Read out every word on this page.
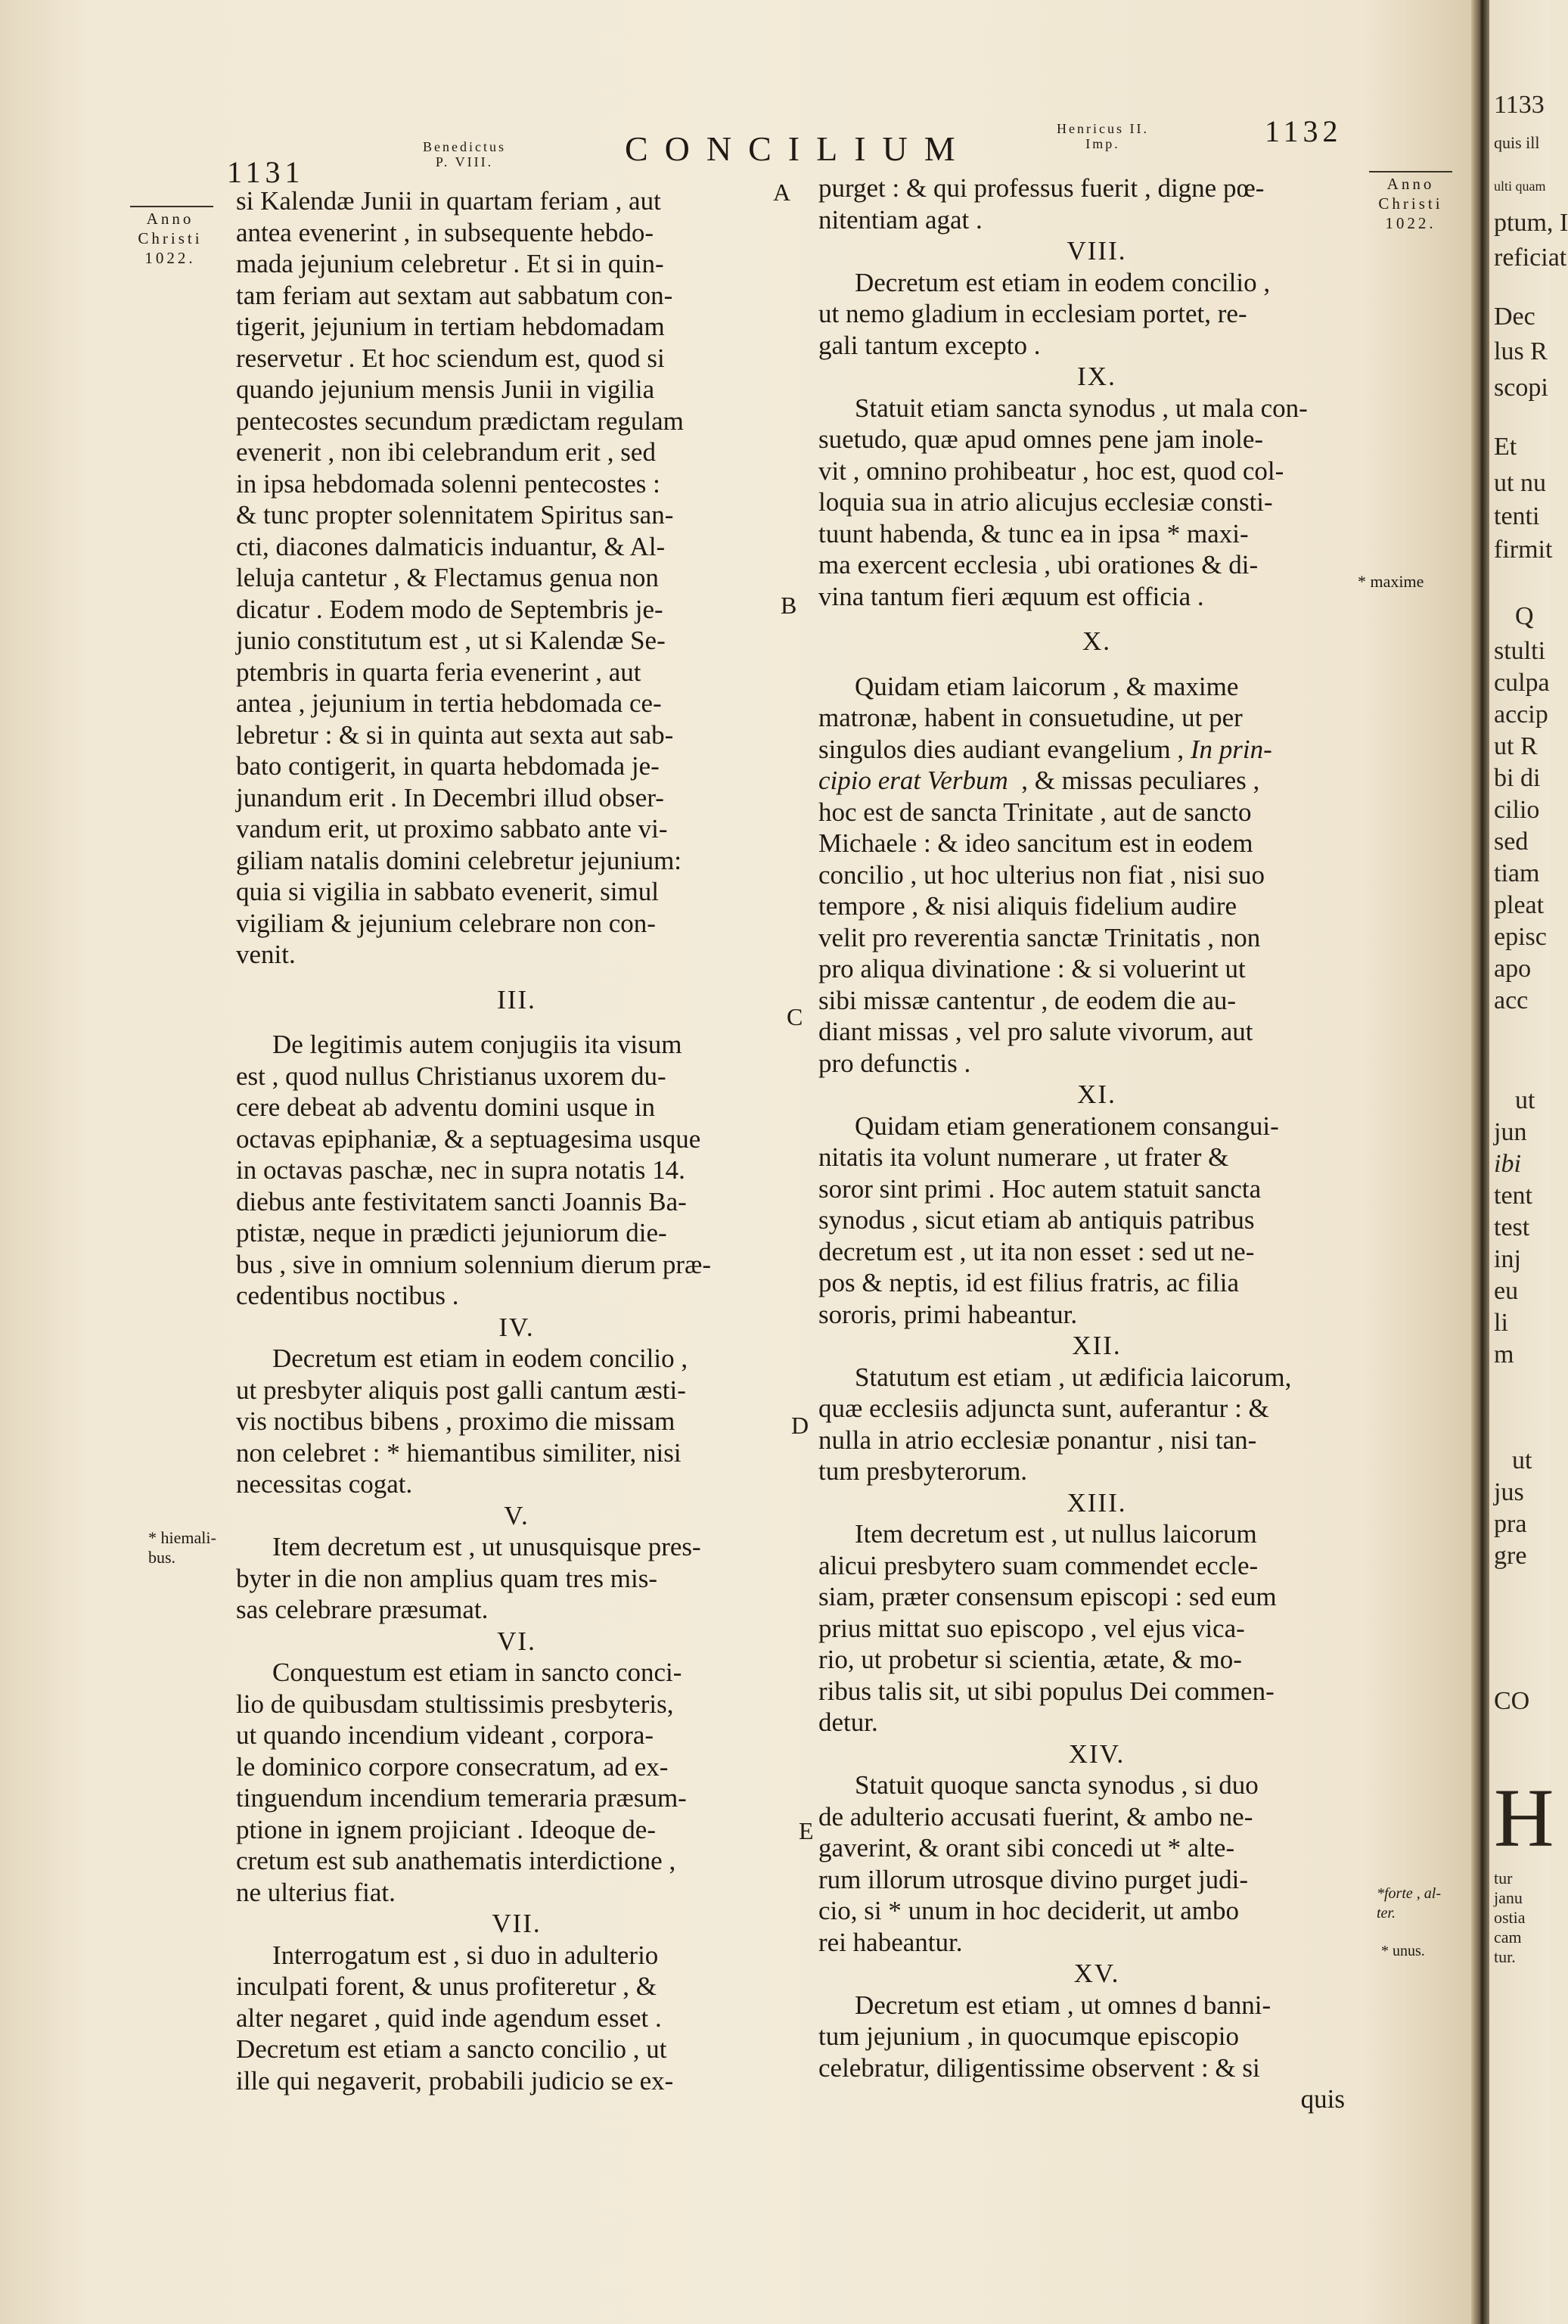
1131
Benedictus
P. VIII.	CONCILIUM
Henricus II.
Imp.	1132
Anno
Christi
1022.
* hiemali-
bus.
Anno
Christi
1022.
* maxime
*forte , al-
ter.
* unus.
A
B
C
D
E

si Kalendæ Junii in quartam feriam , aut

antea evenerint , in subsequente hebdo-

mada jejunium celebretur . Et si in quin-

tam feriam aut sextam aut sabbatum con-

tigerit, jejunium in tertiam hebdomadam

reservetur . Et hoc sciendum est, quod si

quando jejunium mensis Junii in vigilia

pentecostes secundum prædictam regulam

evenerit , non ibi celebrandum erit , sed

in ipsa hebdomada solenni pentecostes :

& tunc propter solennitatem Spiritus san-

cti, diacones dalmaticis induantur, & Al-

leluja cantetur , & Flectamus genua non

dicatur . Eodem modo de Septembris je-

junio constitutum est , ut si Kalendæ Se-

ptembris in quarta feria evenerint , aut

antea , jejunium in tertia hebdomada ce-

lebretur : & si in quinta aut sexta aut sab-

bato contigerit, in quarta hebdomada je-

junandum erit . In Decembri illud obser-

vandum erit, ut proximo sabbato ante vi-

giliam natalis domini celebretur jejunium:

quia si vigilia in sabbato evenerit, simul

vigiliam & jejunium celebrare non con-

venit.

III.

De legitimis autem conjugiis ita visum

est , quod nullus Christianus uxorem du-

cere debeat ab adventu domini usque in

octavas epiphaniæ, & a septuagesima usque

in octavas paschæ, nec in supra notatis 14.

diebus ante festivitatem sancti Joannis Ba-

ptistæ, neque in prædicti jejuniorum die-

bus , sive in omnium solennium dierum præ-

cedentibus noctibus .

IV.

Decretum est etiam in eodem concilio ,

ut presbyter aliquis post galli cantum æsti-

vis noctibus bibens , proximo die missam

non celebret : * hiemantibus similiter, nisi

necessitas cogat.

V.

Item decretum est , ut unusquisque pres-

byter in die non amplius quam tres mis-

sas celebrare præsumat.

VI.

Conquestum est etiam in sancto conci-

lio de quibusdam stultissimis presbyteris,

ut quando incendium videant , corpora-

le dominico corpore consecratum, ad ex-

tinguendum incendium temeraria præsum-

ptione in ignem projiciant . Ideoque de-

cretum est sub anathematis interdictione ,

ne ulterius fiat.

VII.

Interrogatum est , si duo in adulterio

inculpati forent, & unus profiteretur , &

alter negaret , quid inde agendum esset .

Decretum est etiam a sancto concilio , ut

ille qui negaverit, probabili judicio se ex-

purget : & qui professus fuerit , digne pœ-

nitentiam agat .

VIII.

Decretum est etiam in eodem concilio ,

ut nemo gladium in ecclesiam portet, re-

gali tantum excepto .

IX.

Statuit etiam sancta synodus , ut mala con-

suetudo, quæ apud omnes pene jam inole-

vit , omnino prohibeatur , hoc est, quod col-

loquia sua in atrio alicujus ecclesiæ consti-

tuunt habenda, & tunc ea in ipsa * maxi-

ma exercent ecclesia , ubi orationes & di-

vina tantum fieri æquum est officia .

X.

Quidam etiam laicorum , & maxime

matronæ, habent in consuetudine, ut per

singulos dies audiant evangelium , In prin-

cipio erat Verbum , & missas peculiares ,

hoc est de sancta Trinitate , aut de sancto

Michaele : & ideo sancitum est in eodem

concilio , ut hoc ulterius non fiat , nisi suo

tempore , & nisi aliquis fidelium audire

velit pro reverentia sanctæ Trinitatis , non

pro aliqua divinatione : & si voluerint ut

sibi missæ cantentur , de eodem die au-

diant missas , vel pro salute vivorum, aut

pro defunctis .

XI.

Quidam etiam generationem consangui-

nitatis ita volunt numerare , ut frater &

soror sint primi . Hoc autem statuit sancta

synodus , sicut etiam ab antiquis patribus

decretum est , ut ita non esset : sed ut ne-

pos & neptis, id est filius fratris, ac filia

sororis, primi habeantur.

XII.

Statutum est etiam , ut ædificia laicorum,

quæ ecclesiis adjuncta sunt, auferantur : &

nulla in atrio ecclesiæ ponantur , nisi tan-

tum presbyterorum.

XIII.

Item decretum est , ut nullus laicorum

alicui presbytero suam commendet eccle-

siam, præter consensum episcopi : sed eum

prius mittat suo episcopo , vel ejus vica-

rio, ut probetur si scientia, ætate, & mo-

ribus talis sit, ut sibi populus Dei commen-

detur.

XIV.

Statuit quoque sancta synodus , si duo

de adulterio accusati fuerint, & ambo ne-

gaverint, & orant sibi concedi ut * alte-

rum illorum utrosque divino purget judi-

cio, si * unum in hoc deciderit, ut ambo

rei habeantur.

XV.

Decretum est etiam , ut omnes d banni-

tum jejunium , in quocumque episcopio

celebratur, diligentissime observent : & si

quis

1133
quis ill
ulti quam
ptum, I
reficiat
Dec
lus R
scopi
Et
ut nu
tenti
firmit
Q
stulti
culpa
accip
ut R
bi di
cilio
sed
tiam
pleat
episc
apo
acc
ut
jun
ibi
tent
test
inj
eu
li
m
ut
jus
pra
gre
CO
H
tur
janu
ostia
cam
tur.
